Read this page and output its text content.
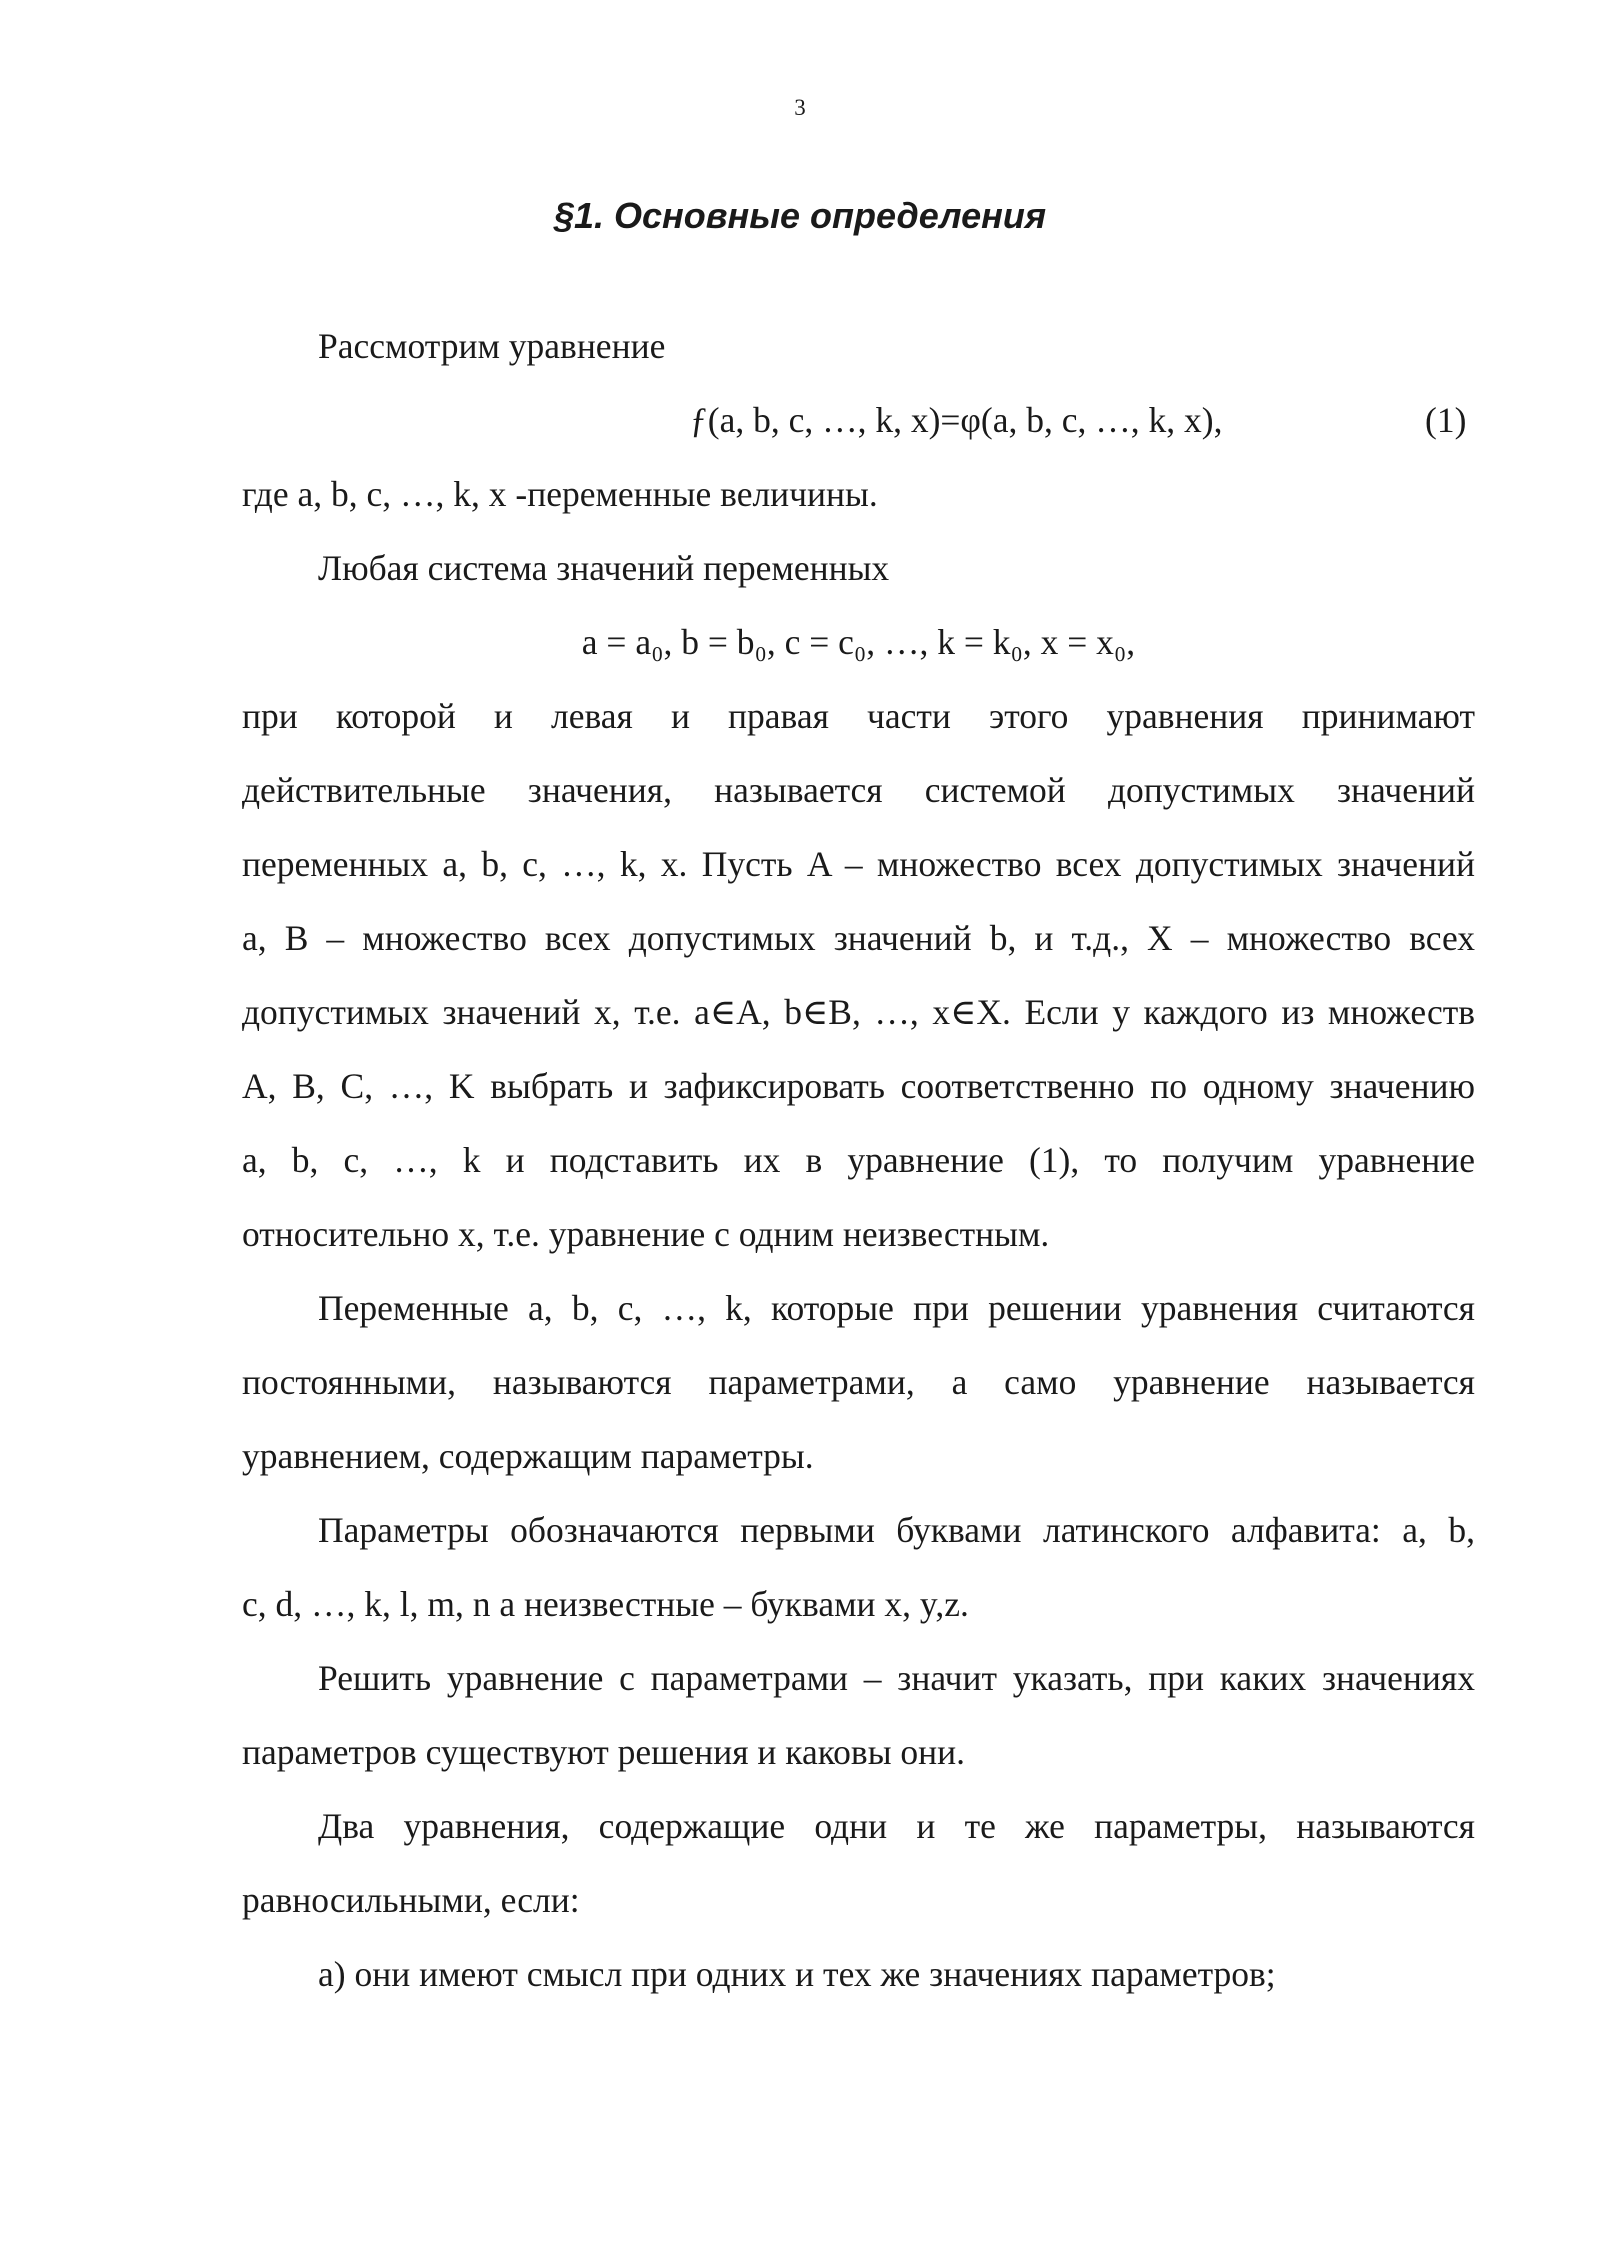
3
§1. Основные определения
Рассмотрим уравнение
ƒ(a, b, c, …, k, x)=φ(a, b, c, …, k, x),	(1)
где a, b, c, …, k, x -переменные величины.
Любая система значений переменных
a = a₀, b = b₀, c = c₀, …, k = k₀, x = x₀,
при которой и левая и правая части этого уравнения принимают
действительные значения, называется системой допустимых значений
переменных a, b, c, …, k, x. Пусть A – множество всех допустимых значений
a, B – множество всех допустимых значений b, и т.д., X – множество всех
допустимых значений x, т.е. a∈A, b∈B, …, x∈X. Если у каждого из множеств
A, B, C, …, K выбрать и зафиксировать соответственно по одному значению
a, b, c, …, k и подставить их в уравнение (1), то получим уравнение
относительно x, т.е. уравнение с одним неизвестным.
Переменные a, b, c, …, k, которые при решении уравнения считаются
постоянными, называются параметрами, а само уравнение называется
уравнением, содержащим параметры.
Параметры обозначаются первыми буквами латинского алфавита: a, b,
c, d, …, k, l, m, n а неизвестные – буквами x, y,z.
Решить уравнение с параметрами – значит указать, при каких значениях
параметров существуют решения и каковы они.
Два уравнения, содержащие одни и те же параметры, называются
равносильными, если:
а) они имеют смысл при одних и тех же значениях параметров;
